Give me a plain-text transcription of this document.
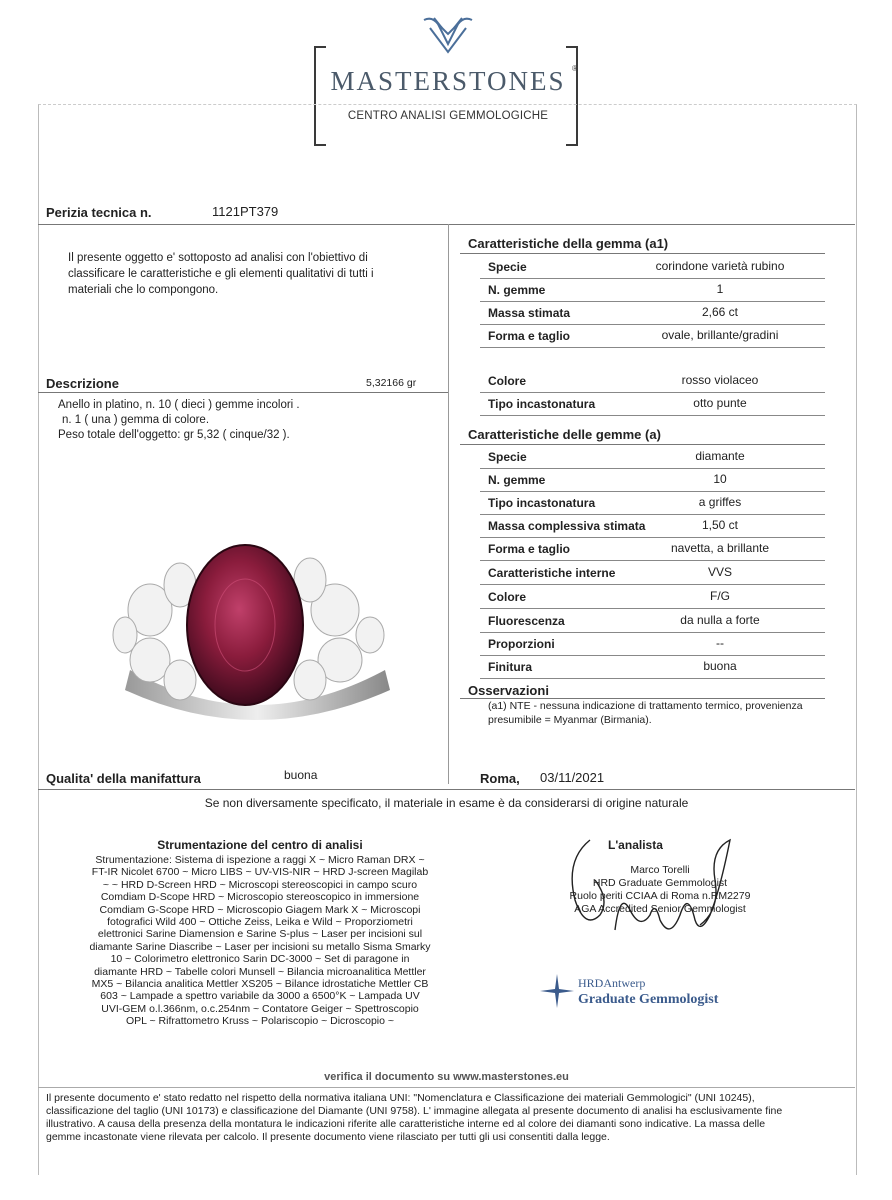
MASTERSTONES ®
CENTRO ANALISI GEMMOLOGICHE
Perizia tecnica n.	1121PT379
Il presente oggetto e' sottoposto ad analisi con l'obiettivo di classificare le caratteristiche e gli elementi qualitativi di tutti i materiali che lo compongono.
Descrizione	5,32166 gr
Anello in platino, n. 10 ( dieci ) gemme incolori .
n. 1 ( una ) gemma di colore.
Peso totale dell'oggetto: gr 5,32 ( cinque/32 ).
Caratteristiche della gemma (a1)
Specie	corindone varietà rubino
N. gemme	1
Massa stimata	2,66 ct
Forma e taglio	ovale, brillante/gradini
Colore	rosso violaceo
Tipo incastonatura	otto punte
Caratteristiche delle gemme (a)
Specie	diamante
N. gemme	10
Tipo incastonatura	a griffes
Massa complessiva stimata	1,50 ct
Forma e taglio	navetta, a brillante
Caratteristiche interne	VVS
Colore	F/G
Fluorescenza	da nulla a forte
Proporzioni	--
Finitura	buona
Osservazioni
(a1) NTE - nessuna indicazione di trattamento termico, provenienza
presumibile = Myanmar (Birmania).
Qualita' della manifattura	buona	Roma, 03/11/2021
Se non diversamente specificato, il materiale in esame è da considerarsi di origine naturale
Strumentazione del centro di analisi
Strumentazione: Sistema di ispezione a raggi X ~ Micro Raman DRX ~
FT-IR Nicolet 6700 ~ Micro LIBS ~ UV-VIS-NIR ~ HRD J-screen Magilab
~ ~ HRD D-Screen HRD ~ Microscopi stereoscopici in campo scuro
Comdiam D-Scope HRD ~ Microscopio stereoscopico in immersione
Comdiam G-Scope HRD ~ Microscopio Giagem Mark X ~ Microscopi
fotografici Wild 400 ~ Ottiche Zeiss, Leika e Wild ~ Proporziometri
elettronici Sarine Diamension e Sarine S-plus ~ Laser per incisioni sul
diamante Sarine Diascribe ~ Laser per incisioni su metallo Sisma Smarky
10 ~ Colorimetro elettronico Sarin DC-3000 ~ Set di paragone in
diamante HRD ~ Tabelle colori Munsell ~ Bilancia microanalitica Mettler
MX5 ~ Bilancia analitica Mettler XS205 ~ Bilance idrostatiche Mettler CB
603 ~ Lampade a spettro variabile da 3000 a 6500°K ~ Lampada UV
UVI-GEM o.l.366nm, o.c.254nm ~ Contatore Geiger ~ Spettroscopio
OPL ~ Rifrattometro Kruss ~ Polariscopio ~ Dicroscopio ~
L'analista
Marco Torelli
HRD Graduate Gemmologist
Ruolo periti CCIAA di Roma n.RM2279
AGA Accredited Senior Gemmologist
HRDAntwerp
Graduate Gemmologist
verifica il documento su www.masterstones.eu
Il presente documento e' stato redatto nel rispetto della normativa italiana UNI: "Nomenclatura e Classificazione dei materiali Gemmologici" (UNI 10245),
classificazione del taglio (UNI 10173) e classificazione del Diamante (UNI 9758). L' immagine allegata al presente documento di analisi ha esclusivamente fine
illustrativo. A causa della presenza della montatura le indicazioni riferite alle caratteristiche interne ed al colore dei diamanti sono indicative. La massa delle
gemme incastonate viene rilevata per calcolo. Il presente documento viene rilasciato per tutti gli usi consentiti dalla legge.
